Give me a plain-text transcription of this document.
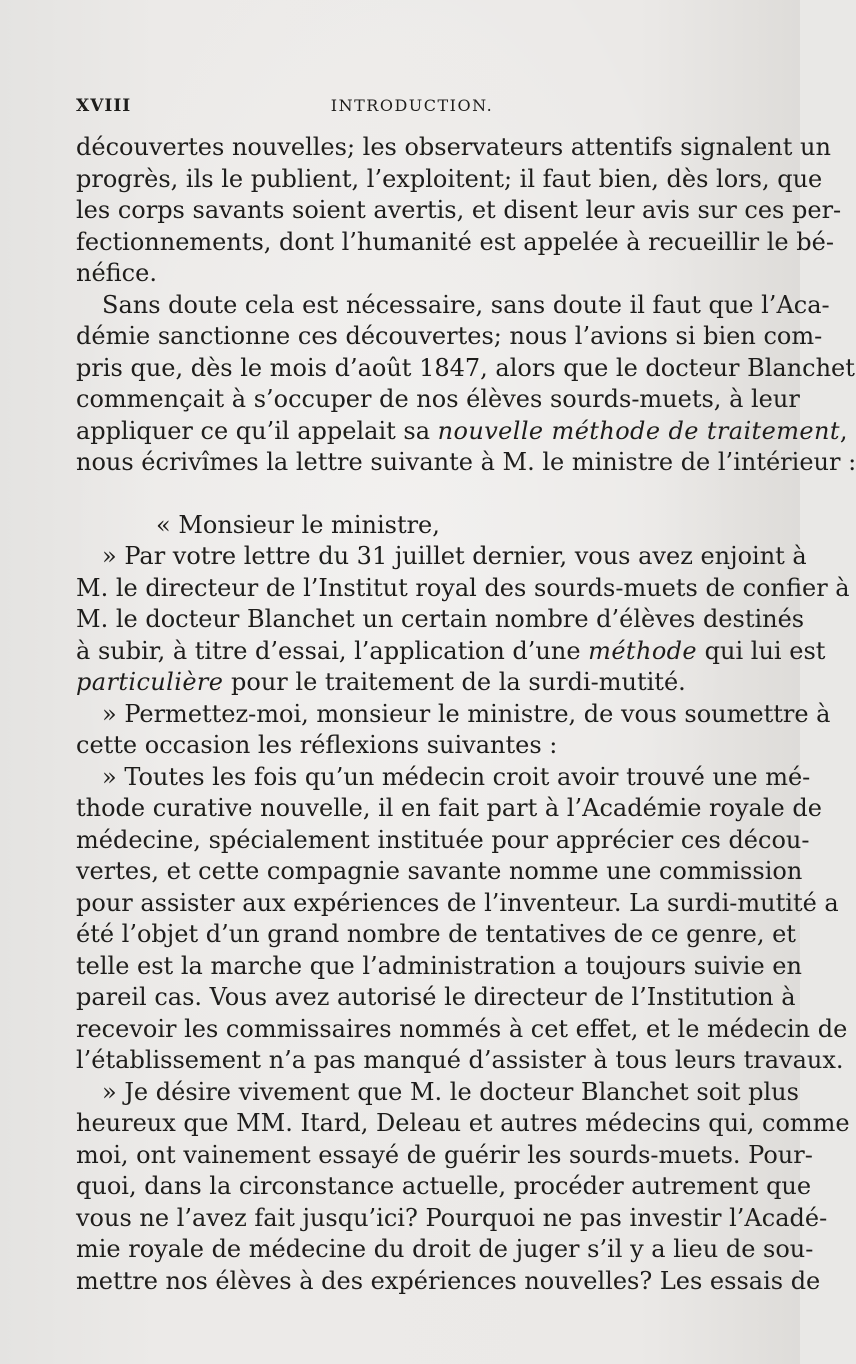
XVIII	INTRODUCTION.
découvertes nouvelles; les observateurs attentifs signalent un
progrès, ils le publient, l’exploitent; il faut bien, dès lors, que
les corps savants soient avertis, et disent leur avis sur ces per-
fectionnements, dont l’humanité est appelée à recueillir le bé-
néfice.
Sans doute cela est nécessaire, sans doute il faut que l’Aca-
démie sanctionne ces découvertes; nous l’avions si bien com-
pris que, dès le mois d’août 1847, alors que le docteur Blanchet
commençait à s’occuper de nos élèves sourds-muets, à leur
appliquer ce qu’il appelait sa nouvelle méthode de traitement,
nous écrivîmes la lettre suivante à M. le ministre de l’intérieur :
« Monsieur le ministre,
» Par votre lettre du 31 juillet dernier, vous avez enjoint à
M. le directeur de l’Institut royal des sourds-muets de confier à
M. le docteur Blanchet un certain nombre d’élèves destinés
à subir, à titre d’essai, l’application d’une méthode qui lui est
particulière pour le traitement de la surdi-mutité.
» Permettez-moi, monsieur le ministre, de vous soumettre à
cette occasion les réflexions suivantes :
» Toutes les fois qu’un médecin croit avoir trouvé une mé-
thode curative nouvelle, il en fait part à l’Académie royale de
médecine, spécialement instituée pour apprécier ces décou-
vertes, et cette compagnie savante nomme une commission
pour assister aux expériences de l’inventeur. La surdi-mutité a
été l’objet d’un grand nombre de tentatives de ce genre, et
telle est la marche que l’administration a toujours suivie en
pareil cas. Vous avez autorisé le directeur de l’Institution à
recevoir les commissaires nommés à cet effet, et le médecin de
l’établissement n’a pas manqué d’assister à tous leurs travaux.
» Je désire vivement que M. le docteur Blanchet soit plus
heureux que MM. Itard, Deleau et autres médecins qui, comme
moi, ont vainement essayé de guérir les sourds-muets. Pour-
quoi, dans la circonstance actuelle, procéder autrement que
vous ne l’avez fait jusqu’ici? Pourquoi ne pas investir l’Acadé-
mie royale de médecine du droit de juger s’il y a lieu de sou-
mettre nos élèves à des expériences nouvelles? Les essais de
